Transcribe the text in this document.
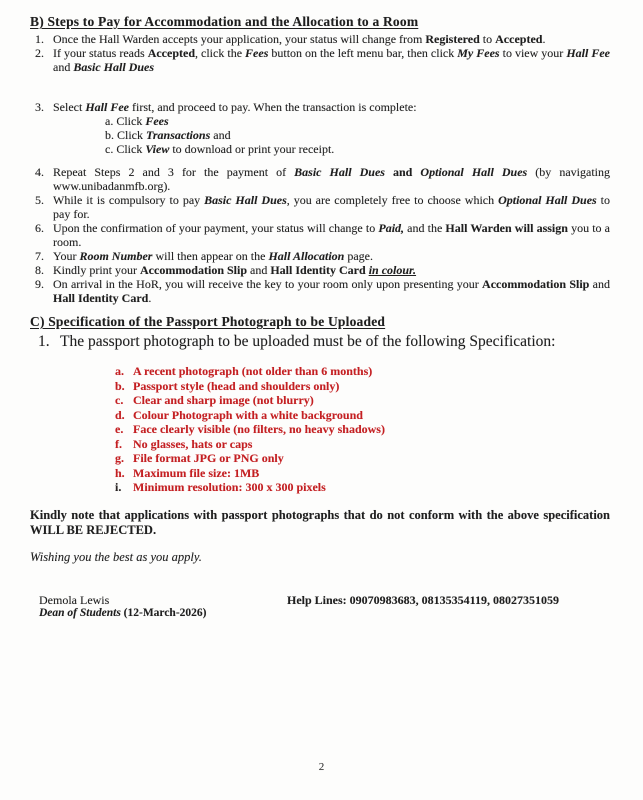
B) Steps to Pay for Accommodation and the Allocation to a Room
1. Once the Hall Warden accepts your application, your status will change from Registered to Accepted.
2. If your status reads Accepted, click the Fees button on the left menu bar, then click My Fees to view your Hall Fee and Basic Hall Dues
3. Select Hall Fee first, and proceed to pay. When the transaction is complete:
a. Click Fees
b. Click Transactions and
c. Click View to download or print your receipt.
4. Repeat Steps 2 and 3 for the payment of Basic Hall Dues and Optional Hall Dues (by navigating www.unibadanmfb.org).
5. While it is compulsory to pay Basic Hall Dues, you are completely free to choose which Optional Hall Dues to pay for.
6. Upon the confirmation of your payment, your status will change to Paid, and the Hall Warden will assign you to a room.
7. Your Room Number will then appear on the Hall Allocation page.
8. Kindly print your Accommodation Slip and Hall Identity Card in colour.
9. On arrival in the HoR, you will receive the key to your room only upon presenting your Accommodation Slip and Hall Identity Card.
C) Specification of the Passport Photograph to be Uploaded
1. The passport photograph to be uploaded must be of the following Specification:
a. A recent photograph (not older than 6 months)
b. Passport style (head and shoulders only)
c. Clear and sharp image (not blurry)
d. Colour Photograph with a white background
e. Face clearly visible (no filters, no heavy shadows)
f. No glasses, hats or caps
g. File format JPG or PNG only
h. Maximum file size: 1MB
i. Minimum resolution: 300 x 300 pixels

Kindly note that applications with passport photographs that do not conform with the above specification WILL BE REJECTED.

Wishing you the best as you apply.

Demola Lewis	Help Lines: 09070983683, 08135354119, 08027351059
Dean of Students (12-March-2026)
2
